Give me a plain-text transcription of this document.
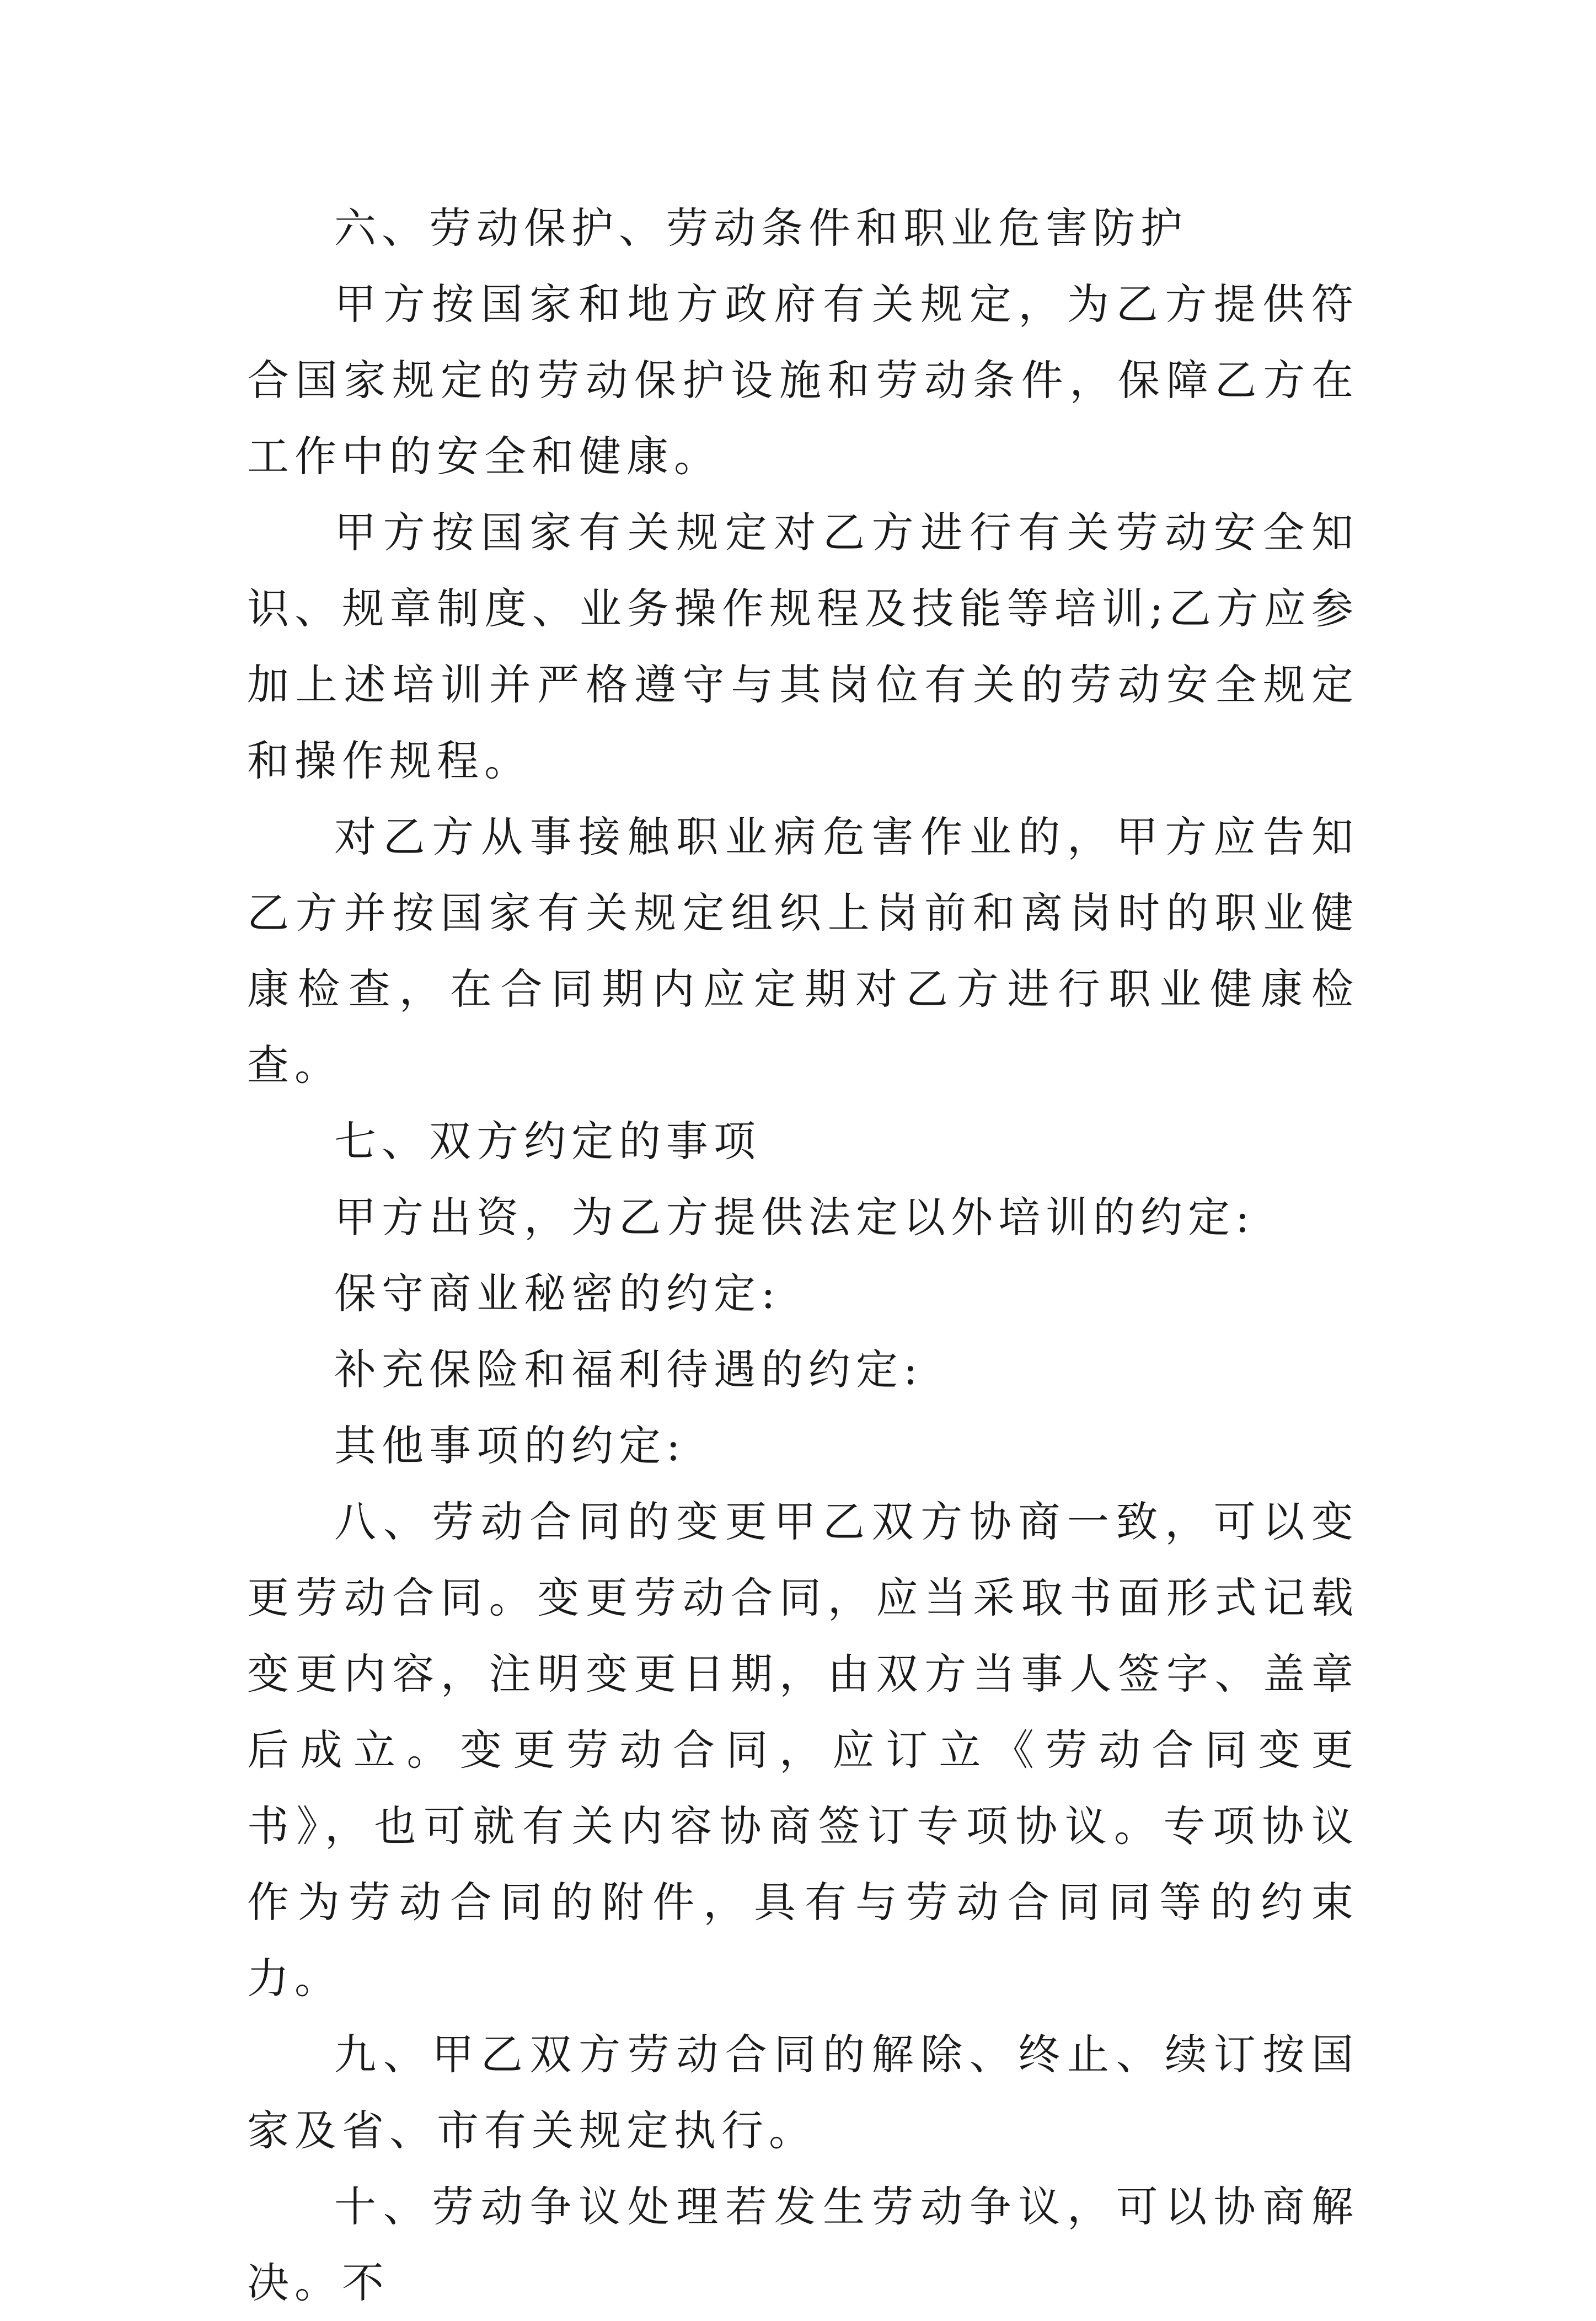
六、劳动保护、劳动条件和职业危害防护

甲方按国家和地方政府有关规定，为乙方提供符合国家规定的劳动保护设施和劳动条件，保障乙方在工作中的安全和健康。

甲方按国家有关规定对乙方进行有关劳动安全知识、规章制度、业务操作规程及技能等培训;乙方应参加上述培训并严格遵守与其岗位有关的劳动安全规定和操作规程。

对乙方从事接触职业病危害作业的，甲方应告知乙方并按国家有关规定组织上岗前和离岗时的职业健康检查，在合同期内应定期对乙方进行职业健康检查。

七、双方约定的事项

甲方出资，为乙方提供法定以外培训的约定:

保守商业秘密的约定:

补充保险和福利待遇的约定:

其他事项的约定:

八、劳动合同的变更甲乙双方协商一致，可以变更劳动合同。变更劳动合同，应当采取书面形式记载变更内容，注明变更日期，由双方当事人签字、盖章后成立。变更劳动合同，应订立《劳动合同变更书》，也可就有关内容协商签订专项协议。专项协议作为劳动合同的附件，具有与劳动合同同等的约束力。

九、甲乙双方劳动合同的解除、终止、续订按国家及省、市有关规定执行。

十、劳动争议处理若发生劳动争议，可以协商解决。不
